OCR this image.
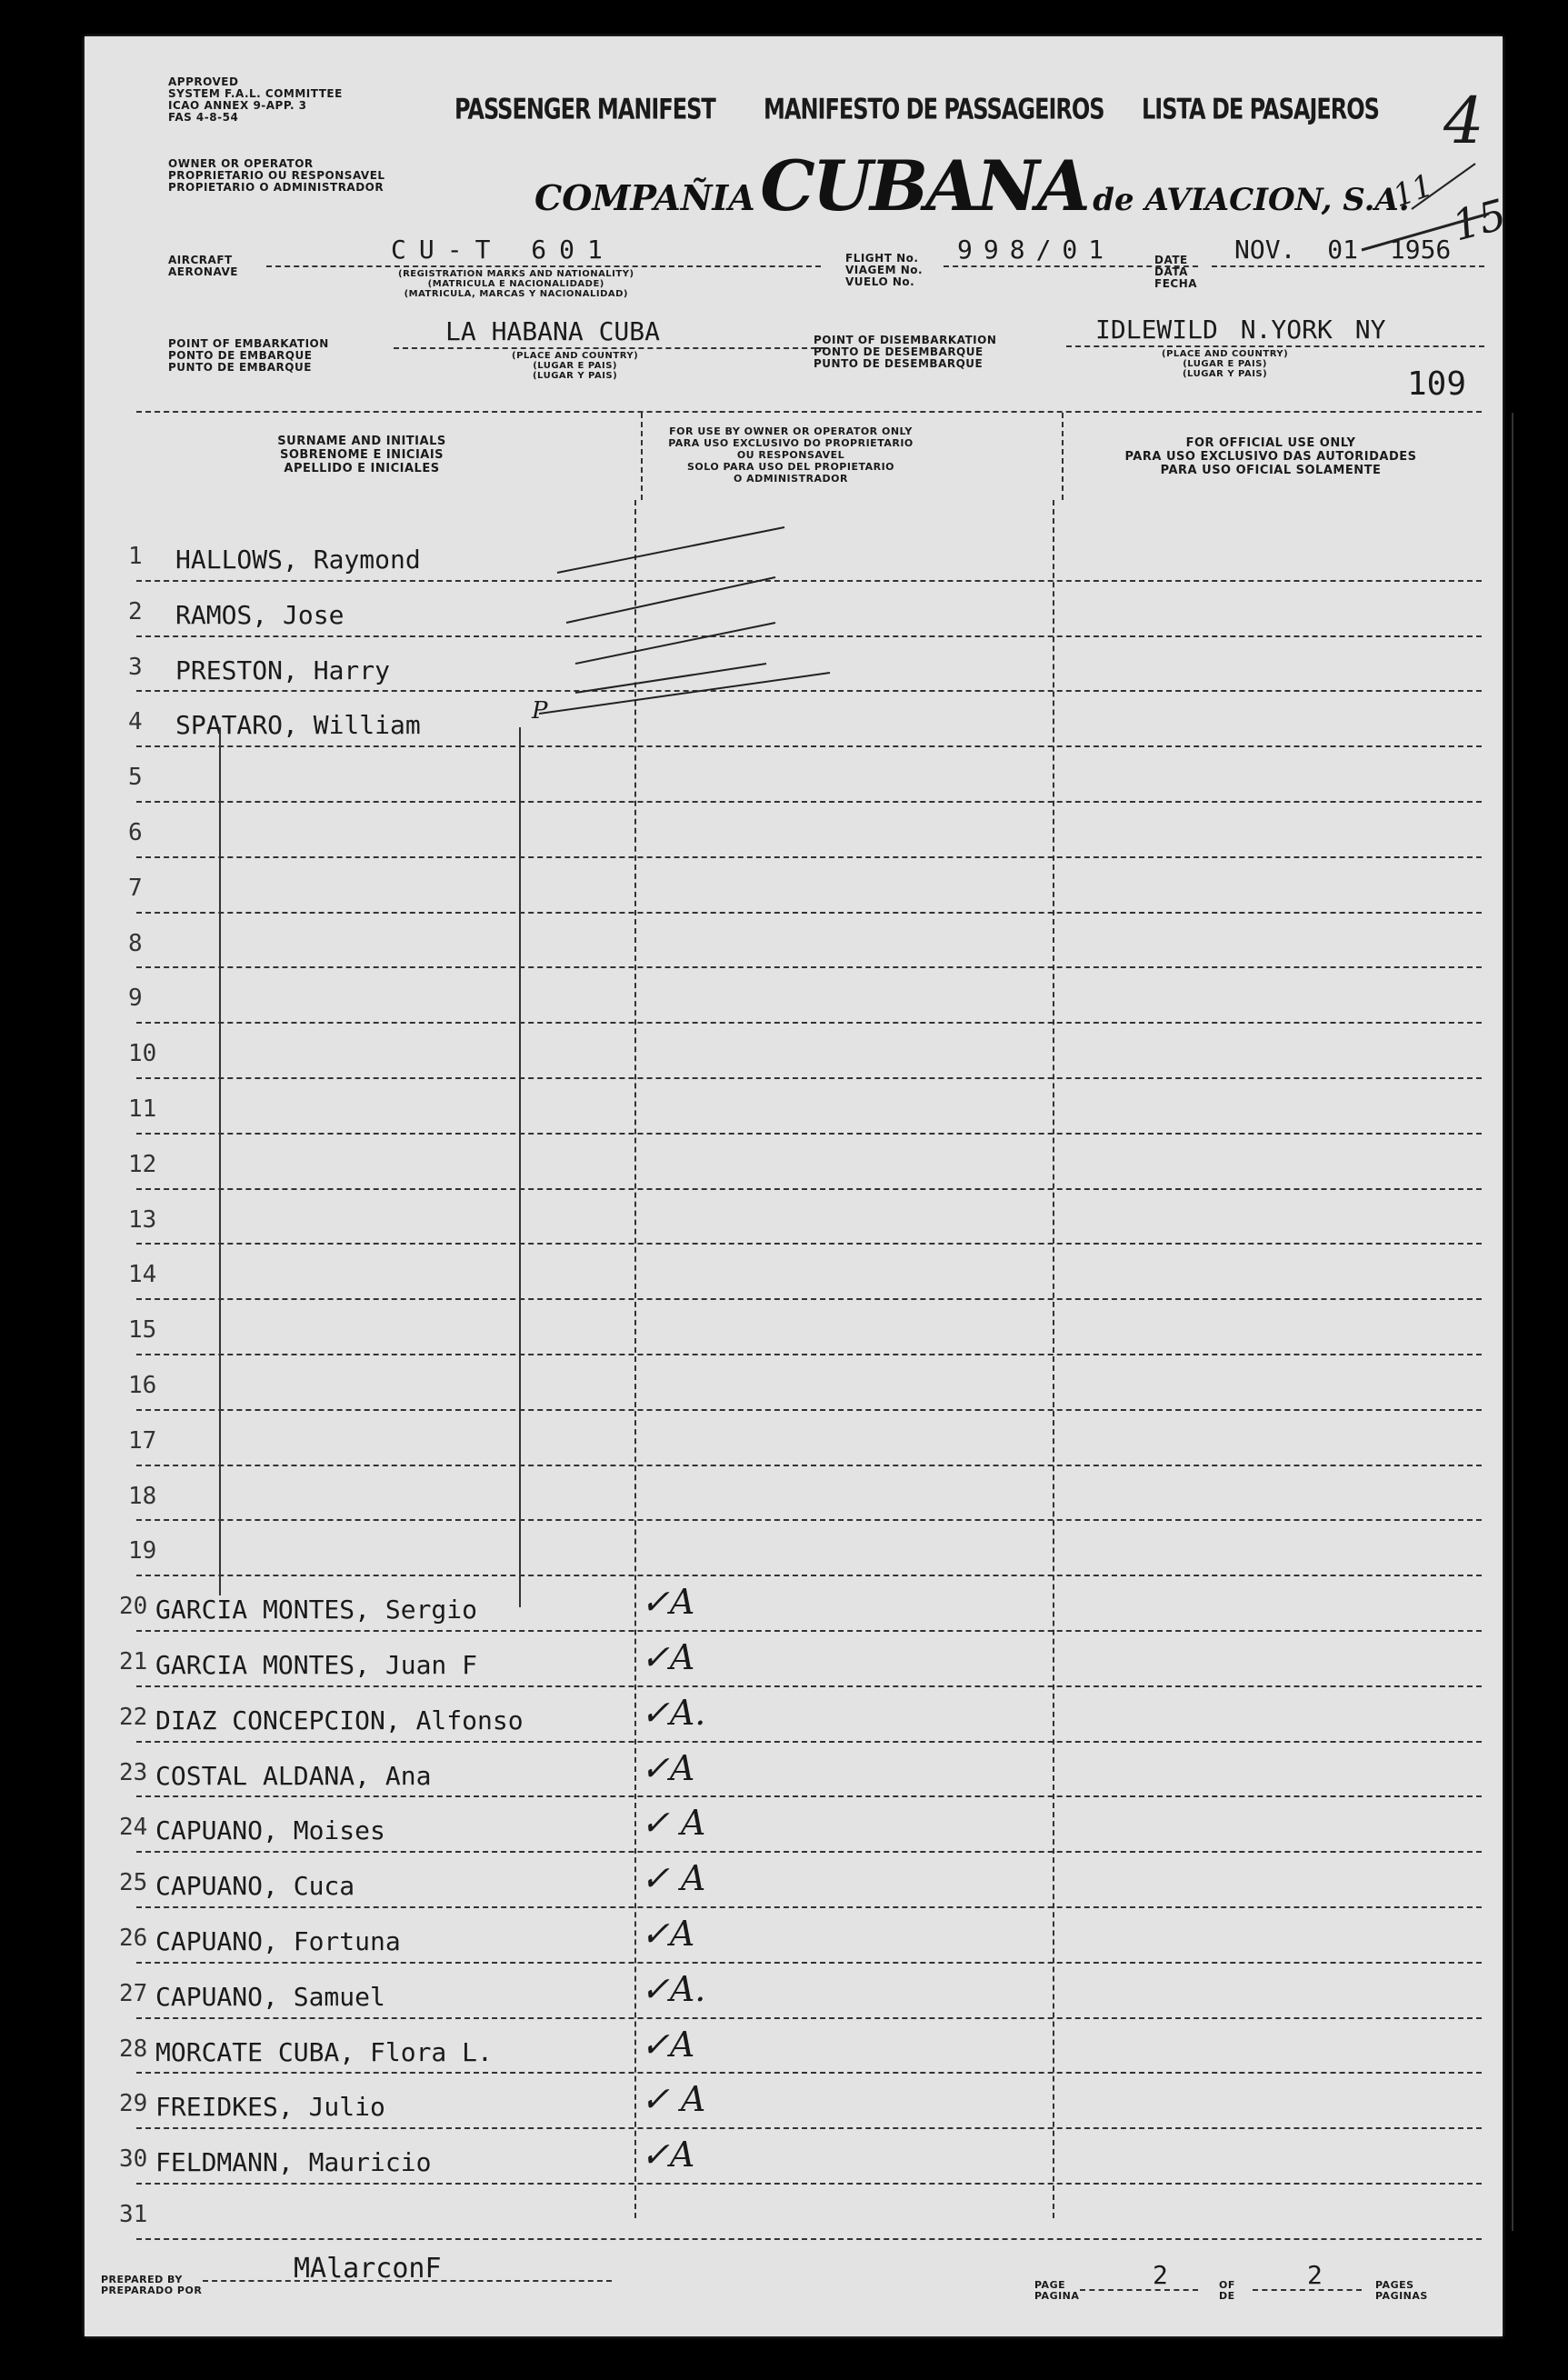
APPROVED
SYSTEM F.A.L. COMMITTEE
ICAO ANNEX 9-APP. 3
FAS 4-8-54
OWNER OR OPERATOR
PROPRIETARIO OU RESPONSAVEL
PROPIETARIO O ADMINISTRADOR
PASSENGER MANIFEST MANIFESTO DE PASSAGEIROS LISTA DE PASAJEROS
COMPAÑIA CUBANA de AVIACION, S.A.
4
11 15
AIRCRAFT
AERONAVE
CU-T 601
(REGISTRATION MARKS AND NATIONALITY)
(MATRICULA E NACIONALIDADE)
(MATRICULA, MARCAS Y NACIONALIDAD)
FLIGHT No.
VIAGEM No.
VUELO No.
998/01	DATE
DATA
FECHA
NOV. 01 1956
POINT OF EMBARKATION
PONTO DE EMBARQUE
PUNTO DE EMBARQUE
LA HABANA CUBA
(PLACE AND COUNTRY)
(LUGAR E PAIS)
(LUGAR Y PAIS)
POINT OF DISEMBARKATION
PONTO DE DESEMBARQUE
PUNTO DE DESEMBARQUE
IDLEWILD N.YORK NY
(PLACE AND COUNTRY)
(LUGAR E PAIS)
(LUGAR Y PAIS)	109
SURNAME AND INITIALS
SOBRENOME E INICIAIS
APELLIDO E INICIALES
FOR USE BY OWNER OR OPERATOR ONLY
PARA USO EXCLUSIVO DO PROPRIETARIO
OU RESPONSAVEL
SOLO PARA USO DEL PROPIETARIO
O ADMINISTRADOR
FOR OFFICIAL USE ONLY
PARA USO EXCLUSIVO DAS AUTORIDADES
PARA USO OFICIAL SOLAMENTE
1 HALLOWS, Raymond
2 RAMOS, Jose
3 PRESTON, Harry
4 SPATARO, William	P
5
6
7
8
9
10
11
12
13
14
15
16
17
18
19
20 GARCIA MONTES, Sergio	✓A
21 GARCIA MONTES, Juan F	✓A
22 DIAZ CONCEPCION, Alfonso	✓A.
23 COSTAL ALDANA, Ana	✓A
24 CAPUANO, Moises	✓ A
25 CAPUANO, Cuca	✓ A
26 CAPUANO, Fortuna	✓A
27 CAPUANO, Samuel	✓A.
28 MORCATE CUBA, Flora L.	✓A
29 FREIDKES, Julio	✓ A
30 FELDMANN, Mauricio	✓A
31
PREPARED BY
PREPARADO POR
MAlarconF
PAGE
PAGINA
2	OF
DE
2	PAGES
PAGINAS
